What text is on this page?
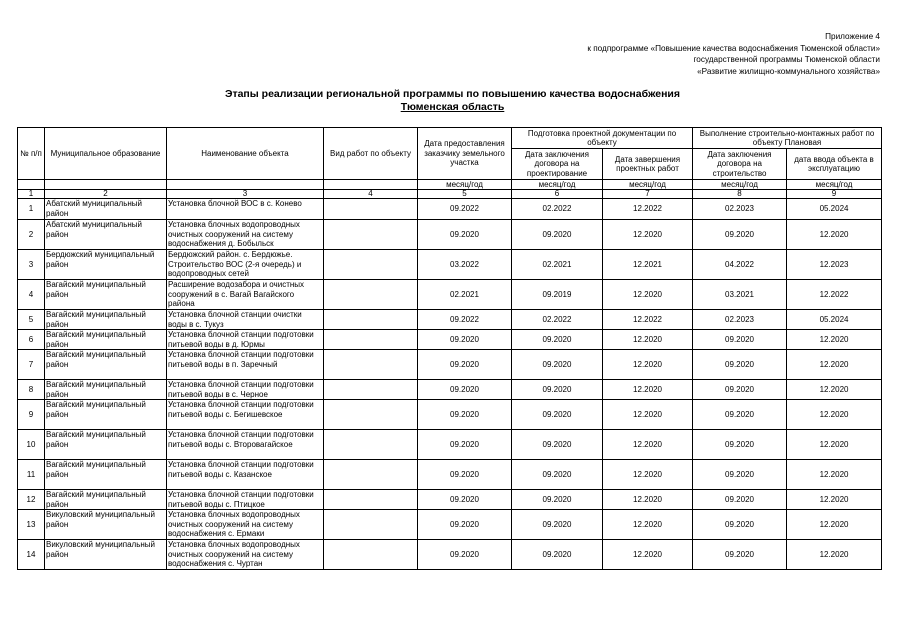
Приложение 4
к подпрограмме «Повышение качества водоснабжения Тюменской области»
государственной программы Тюменской области
«Развитие жилищно-коммунального хозяйства»
Этапы реализации региональной программы по повышению качества водоснабжения
Тюменская область
№ п/п	Муниципальное образование	Наименование объекта	Вид работ по объекту	Дата предоставления заказчику земельного участка	Подготовка проектной документации по объекту		Выполнение строительно-монтажных работ по объекту Плановая	
					Дата заключения договора на проектирование	Дата завершения проектных работ	Дата заключения договора на строительство	дата ввода объекта в эксплуатацию
				месяц/год	месяц/год	месяц/год	месяц/год	месяц/год
1	2	3	4	5	6	7	8	9
1	Абатский муниципальный район	Установка блочной ВОС в с. Конево		09.2022	02.2022	12.2022	02.2023	05.2024
2	Абатский муниципальный район	Установка блочных водопроводных очистных сооружений на систему водоснабжения д. Бобыльск		09.2020	09.2020	12.2020	09.2020	12.2020
3	Бердюжский муниципальный район	Бердюжский район. с. Бердюжье. Строительство ВОС (2-я очередь) и водопроводных сетей		03.2022	02.2021	12.2021	04.2022	12.2023
4	Вагайский муниципальный район	Расширение водозабора и очистных сооружений в с. Вагай Вагайского района		02.2021	09.2019	12.2020	03.2021	12.2022
5	Вагайский муниципальный район	Установка блочной станции очистки воды в с. Тукуз		09.2022	02.2022	12.2022	02.2023	05.2024
6	Вагайский муниципальный район	Установка блочной станции подготовки питьевой воды в д. Юрмы		09.2020	09.2020	12.2020	09.2020	12.2020
7	Вагайский муниципальный район	Установка блочной станции подготовки питьевой воды в п. Заречный		09.2020	09.2020	12.2020	09.2020	12.2020
8	Вагайский муниципальный район	Установка блочной станции подготовки питьевой воды в с. Черное		09.2020	09.2020	12.2020	09.2020	12.2020
9	Вагайский муниципальный район	Установка блочной станции подготовки питьевой воды с. Бегишевское		09.2020	09.2020	12.2020	09.2020	12.2020
10	Вагайский муниципальный район	Установка блочной станции подготовки питьевой воды с. Второвагайское		09.2020	09.2020	12.2020	09.2020	12.2020
11	Вагайский муниципальный район	Установка блочной станции подготовки питьевой воды с. Казанское		09.2020	09.2020	12.2020	09.2020	12.2020
12	Вагайский муниципальный район	Установка блочной станции подготовки питьевой воды с. Птицкое		09.2020	09.2020	12.2020	09.2020	12.2020
13	Викуловский муниципальный район	Установка блочных водопроводных очистных сооружений на систему водоснабжения с. Ермаки		09.2020	09.2020	12.2020	09.2020	12.2020
14	Викуловский муниципальный район	Установка блочных водопроводных очистных сооружений на систему водоснабжения с. Чуртан		09.2020	09.2020	12.2020	09.2020	12.2020
